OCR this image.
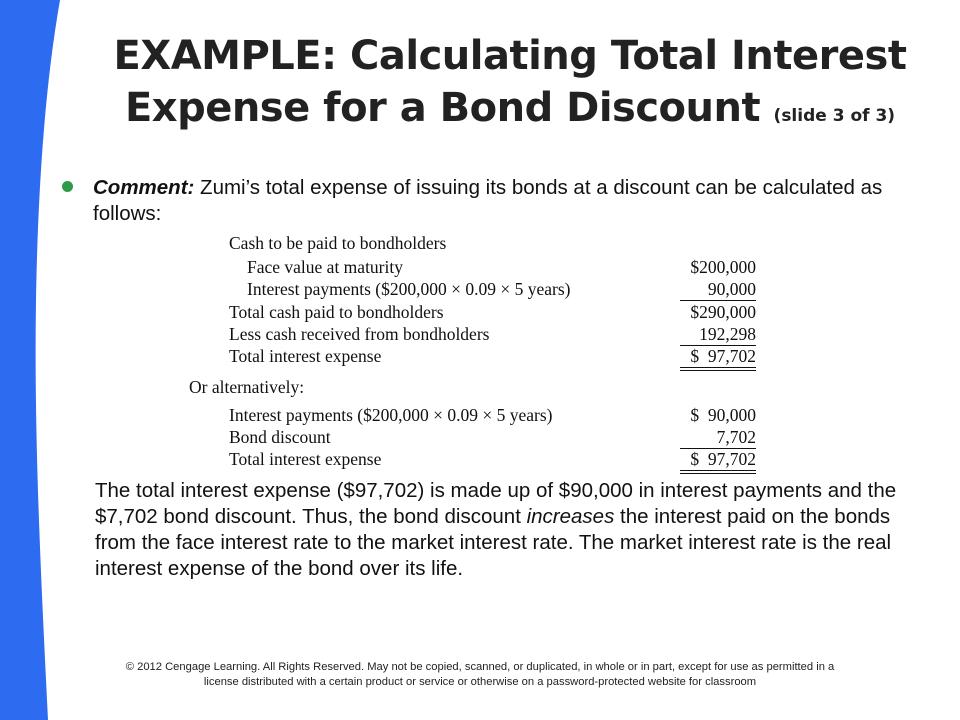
EXAMPLE: Calculating Total Interest
Expense for a Bond Discount (slide 3 of 3)
Comment: Zumi’s total expense of issuing its bonds at a discount can be calculated as follows:
Cash to be paid to bondholders
Face value at maturity	$200,000
Interest payments ($200,000 × 0.09 × 5 years)	90,000
Total cash paid to bondholders	$290,000
Less cash received from bondholders	192,298
Total interest expense	$  97,702
Or alternatively:
Interest payments ($200,000 × 0.09 × 5 years)	$  90,000
Bond discount	7,702
Total interest expense	$  97,702
The total interest expense ($97,702) is made up of $90,000 in interest payments and the $7,702 bond discount. Thus, the bond discount increases the interest paid on the bonds from the face interest rate to the market interest rate. The market interest rate is the real interest expense of the bond over its life.
© 2012 Cengage Learning. All Rights Reserved. May not be copied, scanned, or duplicated, in whole or in part, except for use as permitted in a
license distributed with a certain product or service or otherwise on a password-protected website for classroom
